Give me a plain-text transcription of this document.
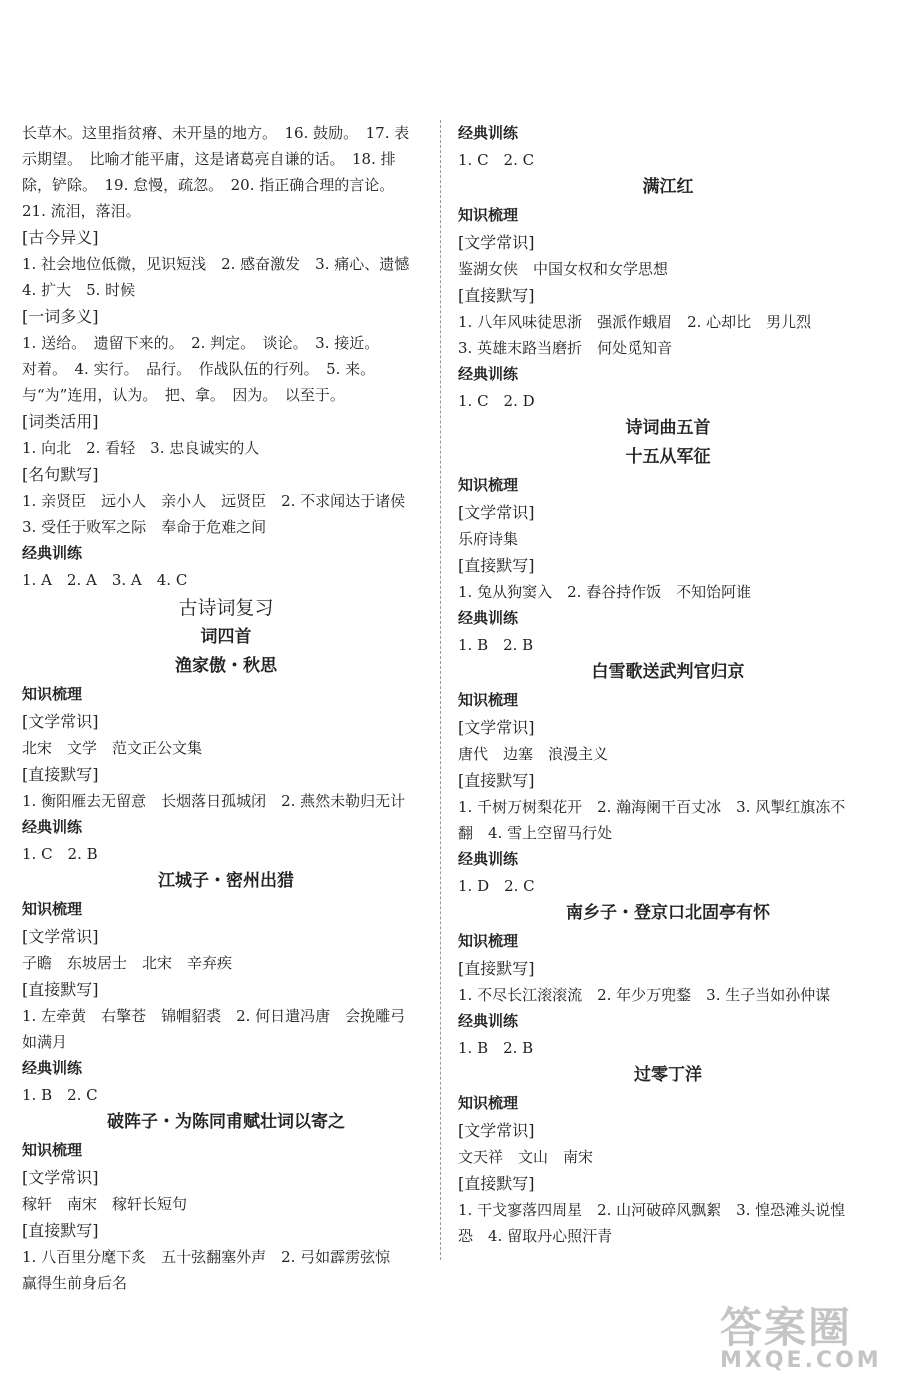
长草木。这里指贫瘠、未开垦的地方。　16. 鼓励。　17. 表
示期望。　比喻才能平庸，这是诸葛亮自谦的话。　18. 排
除，铲除。　19. 怠慢，疏忽。　20. 指正确合理的言论。
21. 流泪，落泪。
[古今异义]
1. 社会地位低微，见识短浅　2. 感奋激发　3. 痛心、遗憾
4. 扩大　5. 时候
[一词多义]
1. 送给。　遗留下来的。　2. 判定。　谈论。　3. 接近。
对着。　4. 实行。　品行。　作战队伍的行列。　5. 来。
与“为”连用，认为。　把、拿。　因为。　以至于。
[词类活用]
1. 向北　2. 看轻　3. 忠良诚实的人
[名句默写]
1. 亲贤臣　远小人　亲小人　远贤臣　2. 不求闻达于诸侯
3. 受任于败军之际　奉命于危难之间
经典训练
1. A　2. A　3. A　4. C
古诗词复习
词四首
渔家傲・秋思
知识梳理
[文学常识]
北宋　文学　范文正公文集
[直接默写]
1. 衡阳雁去无留意　长烟落日孤城闭　2. 燕然未勒归无计
经典训练
1. C　2. B
江城子・密州出猎
知识梳理
[文学常识]
子瞻　东坡居士　北宋　辛弃疾
[直接默写]
1. 左牵黄　右擎苍　锦帽貂裘　2. 何日遣冯唐　会挽雕弓
如满月
经典训练
1. B　2. C
破阵子・为陈同甫赋壮词以寄之
知识梳理
[文学常识]
稼轩　南宋　稼轩长短句
[直接默写]
1. 八百里分麾下炙　五十弦翻塞外声　2. 弓如霹雳弦惊
赢得生前身后名
经典训练
1. C　2. C
满江红
知识梳理
[文学常识]
鉴湖女侠　中国女权和女学思想
[直接默写]
1. 八年风味徒思浙　强派作蛾眉　2. 心却比　男儿烈
3. 英雄末路当磨折　何处觅知音
经典训练
1. C　2. D
诗词曲五首
十五从军征
知识梳理
[文学常识]
乐府诗集
[直接默写]
1. 兔从狗窦入　2. 舂谷持作饭　不知饴阿谁
经典训练
1. B　2. B
白雪歌送武判官归京
知识梳理
[文学常识]
唐代　边塞　浪漫主义
[直接默写]
1. 千树万树梨花开　2. 瀚海阑干百丈冰　3. 风掣红旗冻不
翻　4. 雪上空留马行处
经典训练
1. D　2. C
南乡子・登京口北固亭有怀
知识梳理
[直接默写]
1. 不尽长江滚滚流　2. 年少万兜鍪　3. 生子当如孙仲谋
经典训练
1. B　2. B
过零丁洋
知识梳理
[文学常识]
文天祥　文山　南宋
[直接默写]
1. 干戈寥落四周星　2. 山河破碎风飘絮　3. 惶恐滩头说惶
恐　4. 留取丹心照汗青
答案圈
MXQE.COM
